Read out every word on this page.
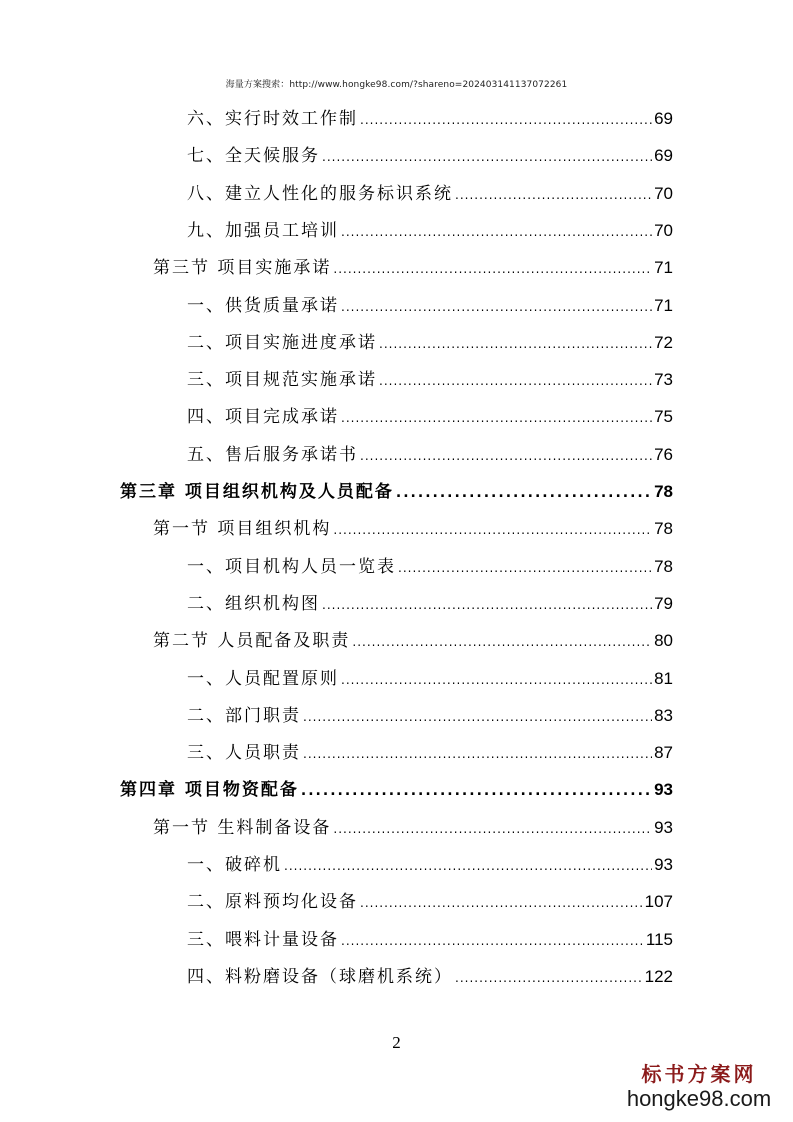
海量方案搜索：http://www.hongke98.com/?shareno=202403141137072261
六、实行时效工作制 .....	69
七、全天候服务 .....	69
八、建立人性化的服务标识系统 .....	70
九、加强员工培训 .....	70
第三节 项目实施承诺 .....	71
一、供货质量承诺 .....	71
二、项目实施进度承诺 .....	72
三、项目规范实施承诺 .....	73
四、项目完成承诺 .....	75
五、售后服务承诺书 .....	76
第三章 项目组织机构及人员配备 .....	78
第一节 项目组织机构 .....	78
一、项目机构人员一览表 .....	78
二、组织机构图 .....	79
第二节 人员配备及职责 .....	80
一、人员配置原则 .....	81
二、部门职责 .....	83
三、人员职责 .....	87
第四章 项目物资配备 .....	93
第一节 生料制备设备 .....	93
一、破碎机 .....	93
二、原料预均化设备 .....	107
三、喂料计量设备 .....	115
四、料粉磨设备（球磨机系统） .....	122
2
标书方案网
hongke98.com
